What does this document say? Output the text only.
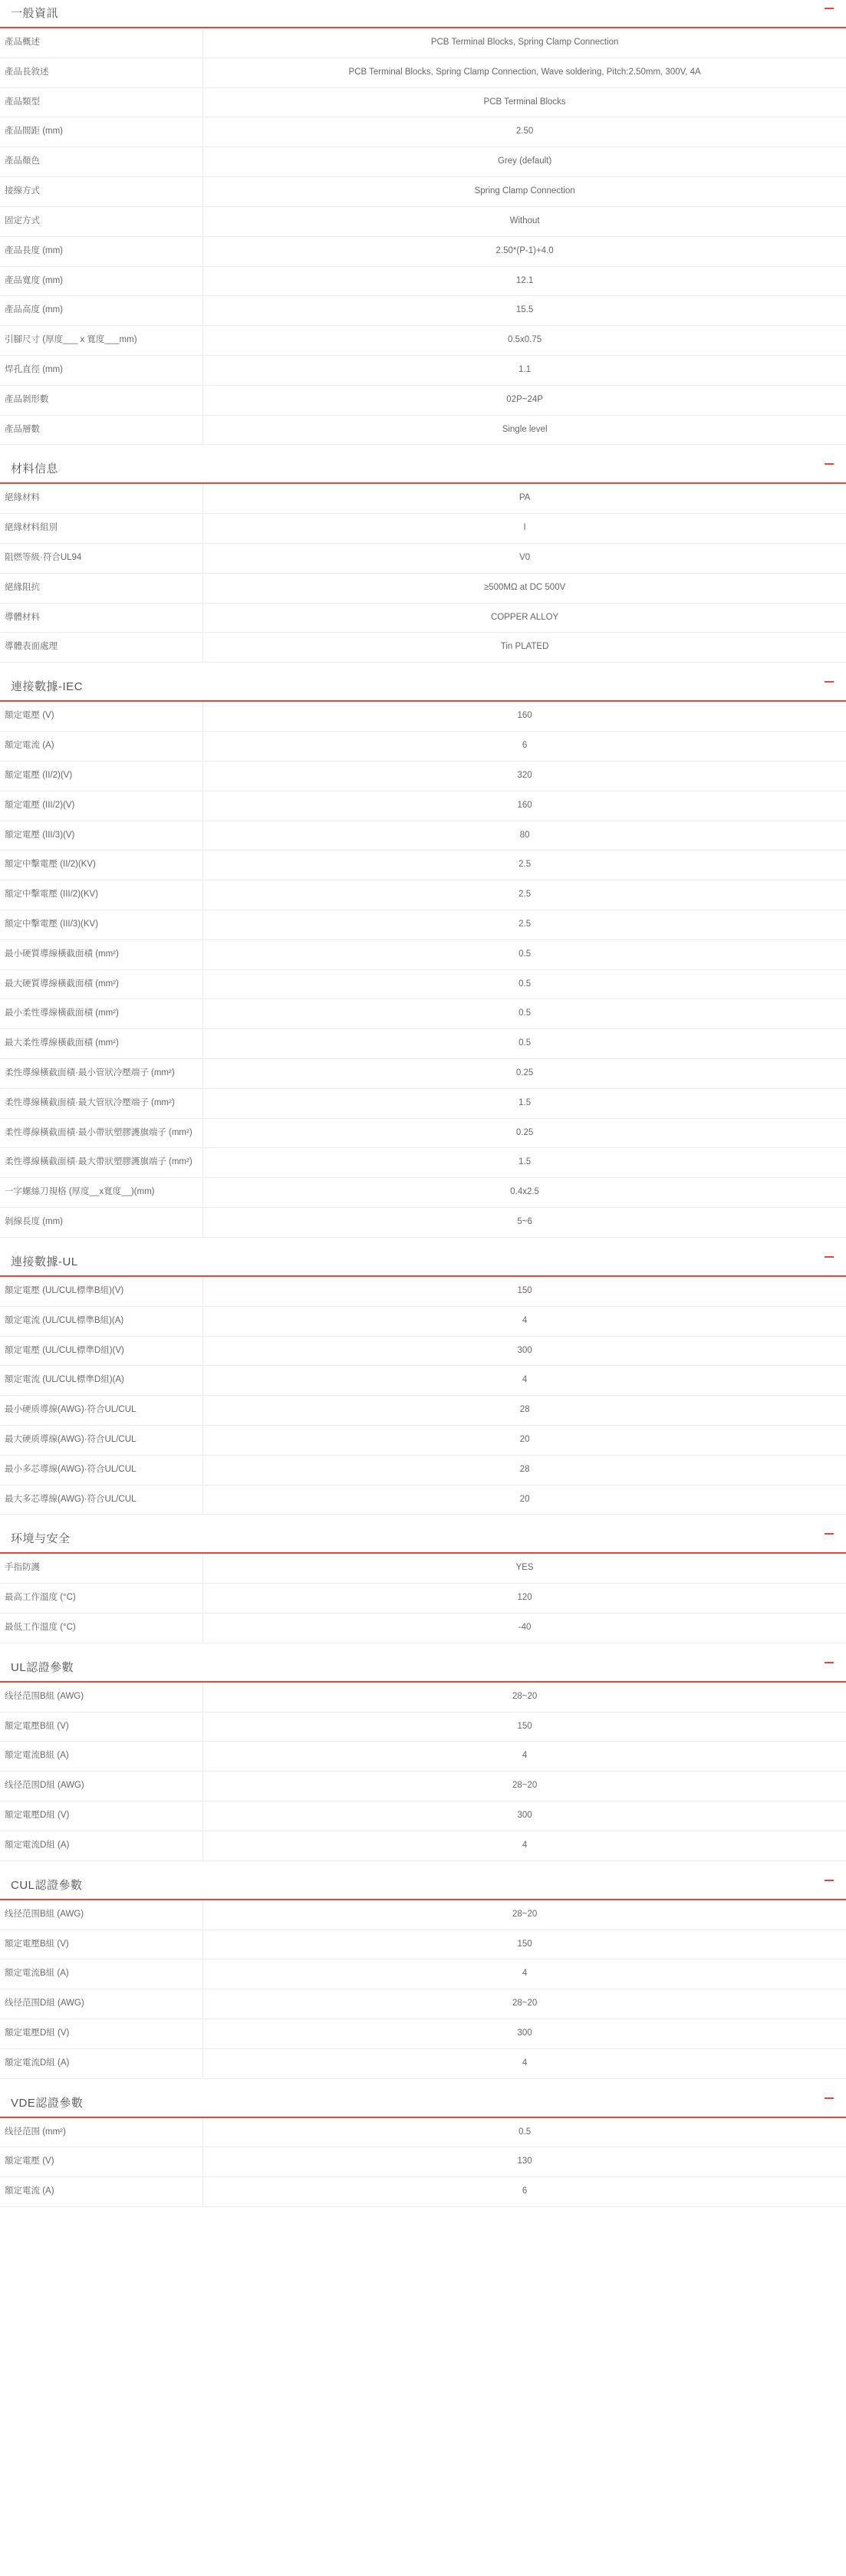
一般資訊
產品概述	PCB Terminal Blocks, Spring Clamp Connection

產品長敘述	PCB Terminal Blocks, Spring Clamp Connection, Wave soldering, Pitch:2.50mm, 300V, 4A

產品類型	PCB Terminal Blocks

產品間距 (mm)	2.50

產品顏色	Grey (default)

接線方式	Spring Clamp Connection

固定方式	Without

產品長度 (mm)	2.50*(P-1)+4.0

產品寬度 (mm)	12.1

產品高度 (mm)	15.5

引腳尺寸 (厚度___ x 寬度___mm)	0.5x0.75

焊孔直徑 (mm)	1.1

產品剝形數	02P~24P

產品層數	Single level
材料信息
絕緣材料	PA

絕緣材料組別	I

阻燃等級·符合UL94	V0

絕緣阻抗	≥500MΩ at DC 500V

導體材料	COPPER ALLOY

導體表面處理	Tin PLATED
連接數據-IEC
額定電壓 (V)	160

額定電流 (A)	6

額定電壓 (II/2)(V)	320

額定電壓 (III/2)(V)	160

額定電壓 (III/3)(V)	80

額定中擊電壓 (II/2)(KV)	2.5

額定中擊電壓 (III/2)(KV)	2.5

額定中擊電壓 (III/3)(KV)	2.5

最小硬質導線橫截面積 (mm²)	0.5

最大硬質導線橫截面積 (mm²)	0.5

最小柔性導線橫截面積 (mm²)	0.5

最大柔性導線橫截面積 (mm²)	0.5

柔性導線橫截面積·最小管狀冷壓端子 (mm²)	0.25

柔性導線橫截面積·最大管狀冷壓端子 (mm²)	1.5

柔性導線橫截面積·最小帶狀塑膠護旗端子 (mm²)	0.25

柔性導線橫截面積·最大帶狀塑膠護旗端子 (mm²)	1.5

一字螺絲刀規格 (厚度__x寬度__)(mm)	0.4x2.5

剝線長度 (mm)	5~6
連接數據-UL
額定電壓 (UL/CUL標準B組)(V)	150

額定電流 (UL/CUL標準B組)(A)	4

額定電壓 (UL/CUL標準D組)(V)	300

額定電流 (UL/CUL標準D組)(A)	4

最小硬质導線(AWG)·符合UL/CUL	28

最大硬质導線(AWG)·符合UL/CUL	20

最小多芯導線(AWG)·符合UL/CUL	28

最大多芯導線(AWG)·符合UL/CUL	20
环境与安全
手指防護	YES

最高工作溫度 (°C)	120

最低工作溫度 (°C)	-40
UL認證參數
线径范围B組 (AWG)	28~20

額定電壓B組 (V)	150

額定電流B組 (A)	4

线径范围D組 (AWG)	28~20

額定電壓D組 (V)	300

額定電流D組 (A)	4
CUL認證參數
线径范围B組 (AWG)	28~20

額定電壓B組 (V)	150

額定電流B組 (A)	4

线径范围D組 (AWG)	28~20

額定電壓D組 (V)	300

額定電流D組 (A)	4
VDE認證參數
线径范围 (mm²)	0.5

額定電壓 (V)	130

額定電流 (A)	6
